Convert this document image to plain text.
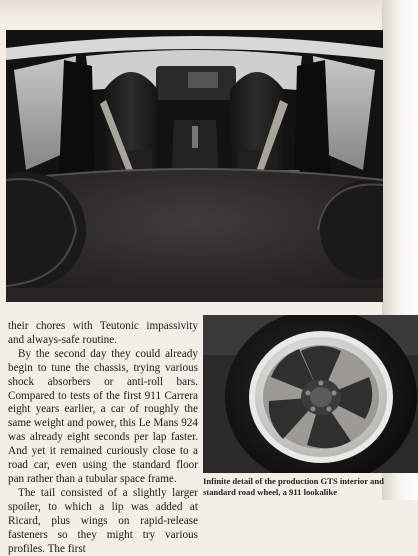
their chores with Teutonic impassivity and always-safe routine.

By the second day they could already begin to tune the chassis, trying various shock absorbers or anti-roll bars. Compared to tests of the first 911 Carrera eight years earlier, a car of roughly the same weight and power, this Le Mans 924 was already eight seconds per lap faster. And yet it remained curiously close to a road car, even using the standard floor pan rather than a tubular space frame.

The tail consisted of a slightly larger spoiler, to which a lip was added at Ricard, plus wings on rapid-release fasteners so they might try various profiles. The first

Infinite detail of the production GTS interior and standard road wheel, a 911 lookalike
